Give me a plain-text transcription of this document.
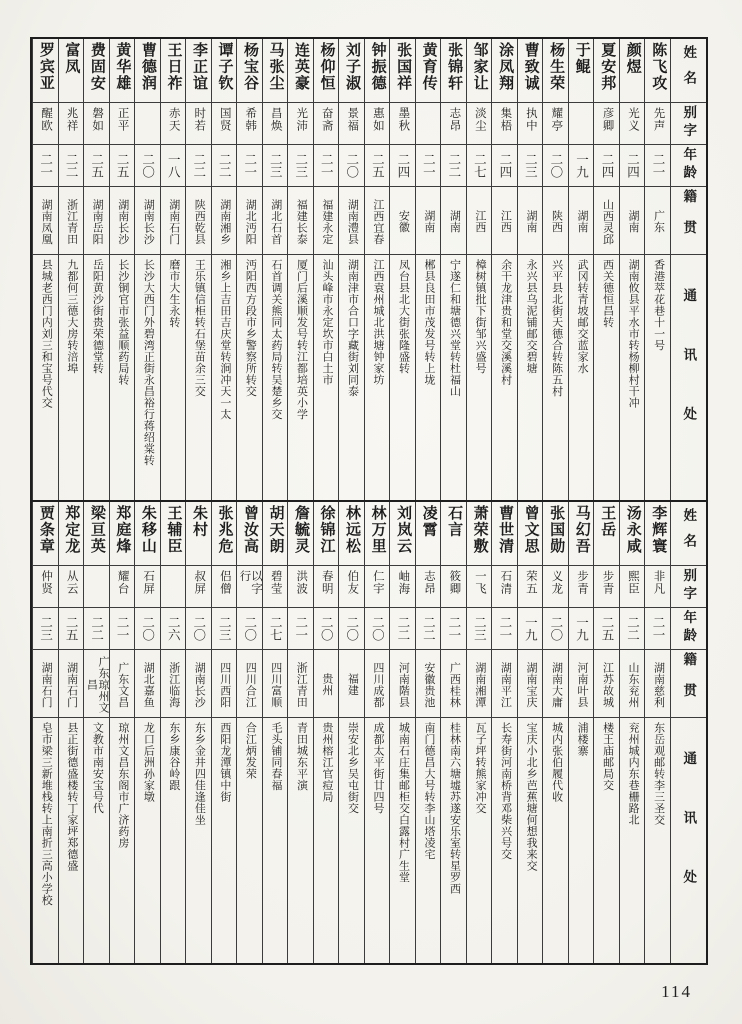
姓名
别字
年龄
籍贯
通讯处
陈飞攻
先声
二一
广东
香港萃花巷十一号
颜煜
光义
二四
湖南
湖南攸县平水市转杨柳村干冲
夏安邦
彦卿
二四
山西灵邱
西关德恒昌转
于鲲
一九
湖南
武冈转青坡邮交蓝家水
杨生荣
耀亭
二〇
陕西
兴平县北街天德合转陈五村
曹致诚
执中
二三
湖南
永兴县乌泥铺邮交碧塘
涂凤翔
集梧
二四
江西
余干龙津贵和堂交溪溪村
邹家让
淡尘
二七
江西
樟树镇批下街邹兴盛号
张锦轩
志昂
二二
湖南
宁遂仁和塘德兴堂转杜福山
黄育传
二一
湖南
郴县良田市茂发号转上垅
张国祥
墨秋
二四
安徽
凤台县北大街张隆盛转
钟振德
惠如
二五
江西宜春
江西袁州城北洪塘钟家坊
刘子淑
景福
二〇
湖南澧县
湖南津市合口字藏街刘同泰
杨仰恒
奋斋
二一
福建永定
汕头峰市永定坎市白土市
连英豪
光沛
二三
福建长泰
厦门后溪顺发号转江都培英小学
马张尘
昌焕
二三
湖北石首
石首调关熊同太药局转吴楚乡交
杨宝谷
希韩
二一
湖北沔阳
沔阳西方段市乡警察所转交
谭子钦
国贤
二二
湖南湘乡
湘乡上吉田吉庆堂转涧冲天一太
李正谊
时若
二二
陕西乾县
王乐镇信柜转石堡苗余三交
王日祚
赤天
一八
湖南石门
磨市大生永转
曹德润
二〇
湖南长沙
长沙大西门外碧湾正街永昌裕行蒋绍棠转
黄华雄
正平
二五
湖南长沙
长沙铜官市张益顺药局转
费固安
磐如
二五
湖南岳阳
岳阳黄沙街贵荣德堂转
富凤
兆祥
二二
浙江青田
九都何三德大房转涪埠
罗宾亚
醒欧
二一
湖南凤凰
县城老西门内刘三和宝号代交
姓名
别字
年龄
籍贯
通讯处
李辉寰
非凡
二一
湖南慈利
东岳观邮转李三圣交
汤永咸
熙臣
二二
山东兖州
兖州城内东巷栅路北
王岳
步青
二五
江苏故城
楼王庙邮局交
马幻吾
步青
一九
河南叶县
浦楼寨
张国勋
义龙
二〇
湖南大庸
城内张伯履代收
曾文思
荣五
一九
湖南宝庆
宝庆小北乡芭蕉塘何想我来交
曹世清
石清
二一
湖南平江
长寿街河南桥背邓柴兴号交
萧荣敷
一飞
二三
湖南湘潭
瓦子坪转熊家冲交
石言
筱卿
二一
广西桂林
桂林南六塘墟苏遂安乐室转星罗西
凌霄
志昂
二二
安徽贵池
南门德昌大号转李山塔凌宅
刘岚云
岫海
二二
河南階县
城南石庄集邮柜交白露村广生堂
林万里
仁宇
二〇
四川成都
成都太平街廿四号
林远松
伯友
二〇
福建
崇安北乡吴屯街交
徐锦江
春明
二〇
贵州
贵州榕江官痘局
詹毓灵
洪波
二一
浙江青田
青田城东平演
胡天朗
碧莹
二七
四川富顺
毛头铺同春福
曾汝高
以字行
二〇
四川合江
合江炳发荣
张兆危
侣僧
二三
四川西阳
西阳龙潭镇中街
朱村
叔屏
二〇
湖南长沙
东乡金井四佳逢佳坐
王辅臣
二六
浙江临海
东乡康谷岭跟
朱移山
石屏
二〇
湖北嘉鱼
龙口后洲孙家墩
郑庭烽
耀台
二一
广东文昌
琼州文昌东阁市广济药房
梁亘英
二二
广东琼州文昌
文教市南安宝号代
郑定龙
从云
二五
湖南石门
县正街德盛楼转丁家坪郑德盛
贾条章
仲贤
二三
湖南石门
皂市梁三新堆栈转上南折三高小学校
114
